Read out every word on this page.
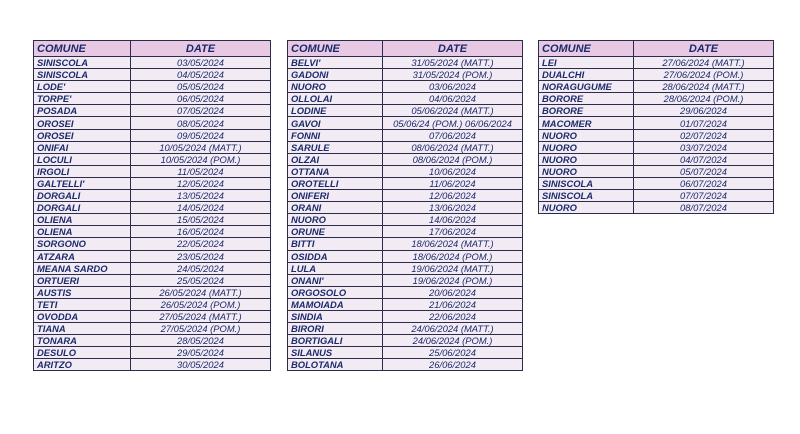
COMUNE	DATE
SINISCOLA	03/05/2024
SINISCOLA	04/05/2024
LODE'	05/05/2024
TORPE'	06/05/2024
POSADA	07/05/2024
OROSEI	08/05/2024
OROSEI	09/05/2024
ONIFAI	10/05/2024 (MATT.)
LOCULI	10/05/2024 (POM.)
IRGOLI	11/05/2024
GALTELLI'	12/05/2024
DORGALI	13/05/2024
DORGALI	14/05/2024
OLIENA	15/05/2024
OLIENA	16/05/2024
SORGONO	22/05/2024
ATZARA	23/05/2024
MEANA SARDO	24/05/2024
ORTUERI	25/05/2024
AUSTIS	26/05/2024 (MATT.)
TETI	26/05/2024 (POM.)
OVODDA	27/05/2024 (MATT.)
TIANA	27/05/2024 (POM.)
TONARA	28/05/2024
DESULO	29/05/2024
ARITZO	30/05/2024
COMUNE	DATE
BELVI'	31/05/2024 (MATT.)
GADONI	31/05/2024 (POM.)
NUORO	03/06/2024
OLLOLAI	04/06/2024
LODINE	05/06/2024 (MATT.)
GAVOI	05/06/24 (POM.) 06/06/2024
FONNI	07/06/2024
SARULE	08/06/2024 (MATT.)
OLZAI	08/06/2024 (POM.)
OTTANA	10/06/2024
OROTELLI	11/06/2024
ONIFERI	12/06/2024
ORANI	13/06/2024
NUORO	14/06/2024
ORUNE	17/06/2024
BITTI	18/06/2024 (MATT.)
OSIDDA	18/06/2024 (POM.)
LULA	19/06/2024 (MATT.)
ONANI'	19/06/2024 (POM.)
ORGOSOLO	20/06/2024
MAMOIADA	21/06/2024
SINDIA	22/06/2024
BIRORI	24/06/2024 (MATT.)
BORTIGALI	24/06/2024 (POM.)
SILANUS	25/06/2024
BOLOTANA	26/06/2024
COMUNE	DATE
LEI	27/06/2024 (MATT.)
DUALCHI	27/06/2024 (POM.)
NORAGUGUME	28/06/2024 (MATT.)
BORORE	28/06/2024 (POM.)
BORORE	29/06/2024
MACOMER	01/07/2024
NUORO	02/07/2024
NUORO	03/07/2024
NUORO	04/07/2024
NUORO	05/07/2024
SINISCOLA	06/07/2024
SINISCOLA	07/07/2024
NUORO	08/07/2024
